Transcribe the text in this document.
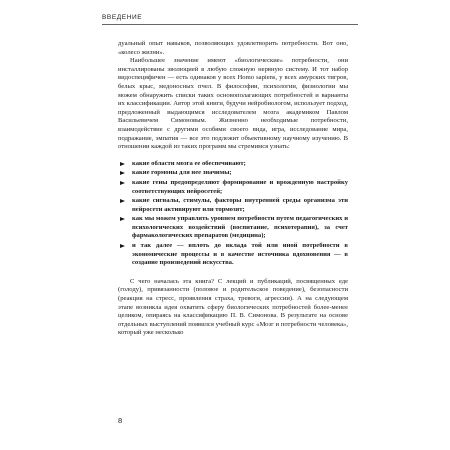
ВВЕДЕНИЕ

дуальный опыт навыков, позволяющих удовлетворить потребности. Вот оно, «колесо жизни».

Наибольшее значение имеют «биологические» потребности, они инсталлированы эволюцией в любую сложную нервную систему. И тот набор видоспецифичен — есть одинаков у всех Homo sapiens, у всех амурских тигров, белых крыс, медоносных пчел. В философии, психологии, физиологии мы можем обнаружить списки таких основополагающих потребностей и варианты их классификации. Автор этой книги, будучи нейробиологом, использует подход, предложенный выдающимся исследователем мозга академиком Павлом Васильевичем Симоновым. Жизненно необходимые потребности, взаимодействие с другими особями своего вида, игра, исследование мира, подражание, эмпатия — все это подлежит объективному научному изучению. В отношении каждой из таких программ мы стремимся узнать:

какие области мозга ее обеспечивают;
какие гормоны для нее значимы;
какие гены предопределяют формирование и врожденную настройку соответствующих нейросетей;
какие сигналы, стимулы, факторы внутренней среды организма эти нейросети активируют или тормозят;
как мы можем управлять уровнем потребности путем педагогических и психологических воздействий (воспитание, психотерапия), за счет фармакологических препаратов (медицина);
и так далее — вплоть до вклада той или иной потребности в экономические процессы и в качестве источника вдохновения — в создание произведений искусства.

С чего началась эта книга? С лекций и публикаций, посвященных еде (голоду), привязанности (половое и родительское поведение), безопасности (реакция на стресс, проявления страха, тревоги, агрессии). А на следующем этапе возникла идея охватить сферу биологических потребностей более-менее целиком, опираясь на классификацию П. В. Симонова. В результате на основе отдельных выступлений появился учебный курс «Мозг и потребности человека», который уже несколько

8
